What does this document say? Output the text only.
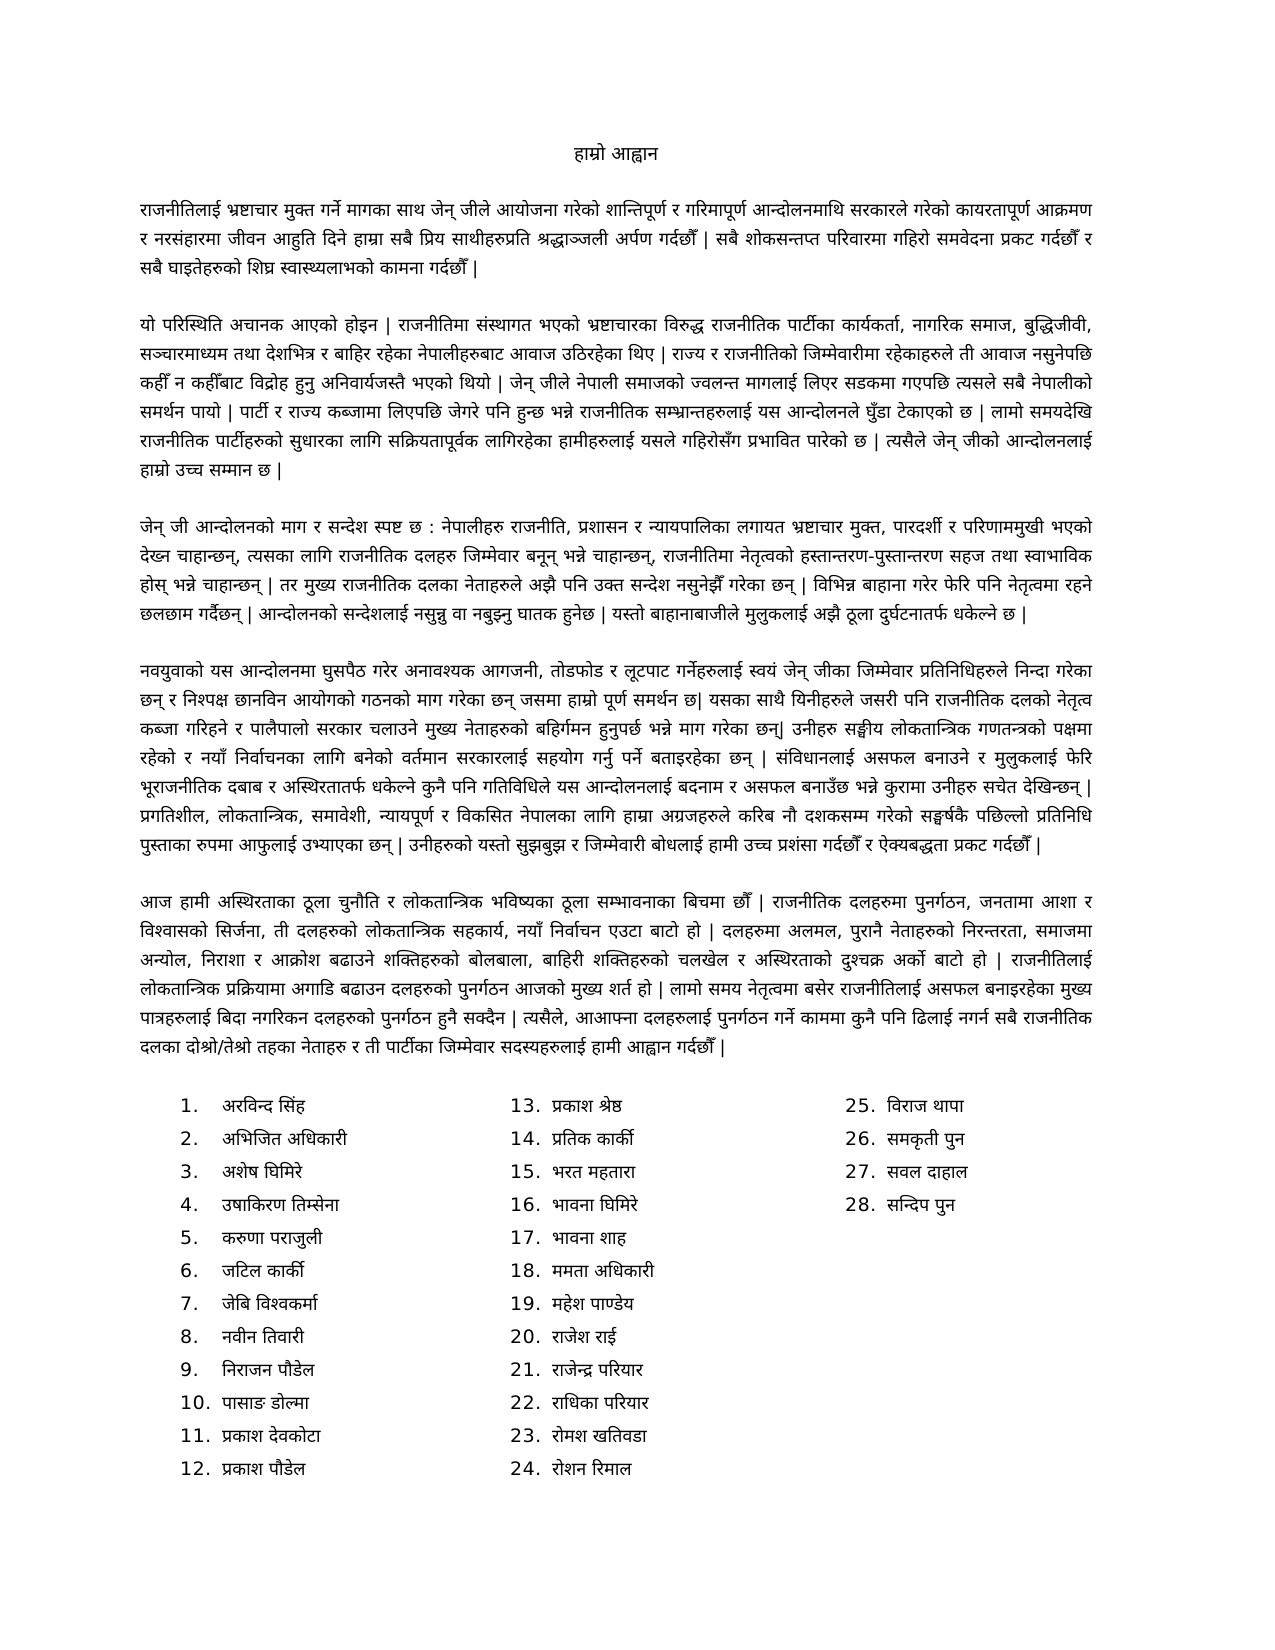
हाम्रो आह्वान

राजनीतिलाई भ्रष्टाचार मुक्त गर्ने मागका साथ जेन् जीले आयोजना गरेको शान्तिपूर्ण र गरिमापूर्ण आन्दोलनमाथि सरकारले गरेको कायरतापूर्ण आक्रमण र नरसंहारमा जीवन आहुति दिने हाम्रा सबै प्रिय साथीहरुप्रति श्रद्धाञ्जली अर्पण गर्दछौँ | सबै शोकसन्तप्त परिवारमा गहिरो समवेदना प्रकट गर्दछौँ र सबै घाइतेहरुको शिघ्र स्वास्थ्यलाभको कामना गर्दछौँ |

यो परिस्थिति अचानक आएको होइन | राजनीतिमा संस्थागत भएको भ्रष्टाचारका विरुद्ध राजनीतिक पार्टीका कार्यकर्ता, नागरिक समाज, बुद्धिजीवी, सञ्चारमाध्यम तथा देशभित्र र बाहिर रहेका नेपालीहरुबाट आवाज उठिरहेका थिए | राज्य र राजनीतिको जिम्मेवारीमा रहेकाहरुले ती आवाज नसुनेपछि कहीँ न कहीँबाट विद्रोह हुनु अनिवार्यजस्तै भएको थियो | जेन् जीले नेपाली समाजको ज्वलन्त मागलाई लिएर सडकमा गएपछि त्यसले सबै नेपालीको समर्थन पायो | पार्टी र राज्य कब्जामा लिएपछि जेगरे पनि हुन्छ भन्ने राजनीतिक सम्भ्रान्तहरुलाई यस आन्दोलनले घुँडा टेकाएको छ | लामो समयदेखि राजनीतिक पार्टीहरुको सुधारका लागि सक्रियतापूर्वक लागिरहेका हामीहरुलाई यसले गहिरोसँग प्रभावित पारेको छ | त्यसैले जेन् जीको आन्दोलनलाई हाम्रो उच्च सम्मान छ |

जेन् जी आन्दोलनको माग र सन्देश स्पष्ट छ : नेपालीहरु राजनीति, प्रशासन र न्यायपालिका लगायत भ्रष्टाचार मुक्त, पारदर्शी र परिणाममुखी भएको देख्न चाहान्छन्, त्यसका लागि राजनीतिक दलहरु जिम्मेवार बनून् भन्ने चाहान्छन्, राजनीतिमा नेतृत्वको हस्तान्तरण-पुस्तान्तरण सहज तथा स्वाभाविक होस् भन्ने चाहान्छन् | तर मुख्य राजनीतिक दलका नेताहरुले अझै पनि उक्त सन्देश नसुनेझैँ गरेका छन् | विभिन्न बाहाना गरेर फेरि पनि नेतृत्वमा रहने छलछाम गर्दैछन् | आन्दोलनको सन्देशलाई नसुन्नु वा नबुझ्नु घातक हुनेछ | यस्तो बाहानाबाजीले मुलुकलाई अझै ठूला दुर्घटनातर्फ धकेल्ने छ |

नवयुवाको यस आन्दोलनमा घुसपैठ गरेर अनावश्यक आगजनी, तोडफोड र लूटपाट गर्नेहरुलाई स्वयं जेन् जीका जिम्मेवार प्रतिनिधिहरुले निन्दा गरेका छन् र निश्पक्ष छानविन आयोगको गठनको माग गरेका छन् जसमा हाम्रो पूर्ण समर्थन छ| यसका साथै यिनीहरुले जसरी पनि राजनीतिक दलको नेतृत्व कब्जा गरिहने र पालैपालो सरकार चलाउने मुख्य नेताहरुको बहिर्गमन हुनुपर्छ भन्ने माग गरेका छन्| उनीहरु सङ्घीय लोकतान्त्रिक गणतन्त्रको पक्षमा रहेको र नयाँ निर्वाचनका लागि बनेको वर्तमान सरकारलाई सहयोग गर्नु पर्ने बताइरहेका छन् | संविधानलाई असफल बनाउने र मुलुकलाई फेरि भूराजनीतिक दबाब र अस्थिरतातर्फ धकेल्ने कुनै पनि गतिविधिले यस आन्दोलनलाई बदनाम र असफल बनाउँछ भन्ने कुरामा उनीहरु सचेत देखिन्छन् | प्रगतिशील, लोकतान्त्रिक, समावेशी, न्यायपूर्ण र विकसित नेपालका लागि हाम्रा अग्रजहरुले करिब नौ दशकसम्म गरेको सङ्घर्षकै पछिल्लो प्रतिनिधि पुस्ताका रुपमा आफुलाई उभ्याएका छन् | उनीहरुको यस्तो सुझबुझ र जिम्मेवारी बोधलाई हामी उच्च प्रशंसा गर्दछौँ र ऐक्यबद्धता प्रकट गर्दछौँ |

आज हामी अस्थिरताका ठूला चुनौति र लोकतान्त्रिक भविष्यका ठूला सम्भावनाका बिचमा छौँ | राजनीतिक दलहरुमा पुनर्गठन, जनतामा आशा र विश्वासको सिर्जना, ती दलहरुको लोकतान्त्रिक सहकार्य, नयाँ निर्वाचन एउटा बाटो हो | दलहरुमा अलमल, पुरानै नेताहरुको निरन्तरता, समाजमा अन्योल, निराशा र आक्रोश बढाउने शक्तिहरुको बोलबाला, बाहिरी शक्तिहरुको चलखेल र अस्थिरताको दुश्चक्र अर्को बाटो हो | राजनीतिलाई लोकतान्त्रिक प्रक्रियामा अगाडि बढाउन दलहरुको पुनर्गठन आजको मुख्य शर्त हो | लामो समय नेतृत्वमा बसेर राजनीतिलाई असफल बनाइरहेका मुख्य पात्रहरुलाई बिदा नगरिकन दलहरुको पुनर्गठन हुनै सक्दैन | त्यसैले, आआफ्ना दलहरुलाई पुनर्गठन गर्ने काममा कुनै पनि ढिलाई नगर्न सबै राजनीतिक दलका दोश्रो/तेश्रो तहका नेताहरु र ती पार्टीका जिम्मेवार सदस्यहरुलाई हामी आह्वान गर्दछौँ |

1.	अरविन्द सिंह
2.	अभिजित अधिकारी
3.	अशेष घिमिरे
4.	उषाकिरण तिम्सेना
5.	करुणा पराजुली
6.	जटिल कार्की
7.	जेबि विश्वकर्मा
8.	नवीन तिवारी
9.	निराजन पौडेल
10. पासाङ डोल्मा
11. प्रकाश देवकोटा
12. प्रकाश पौडेल
13. प्रकाश श्रेष्ठ
14. प्रतिक कार्की
15. भरत महतारा
16. भावना घिमिरे
17. भावना शाह
18. ममता अधिकारी
19. महेश पाण्डेय
20. राजेश राई
21. राजेन्द्र परियार
22. राधिका परियार
23. रोमश खतिवडा
24. रोशन रिमाल
25. विराज थापा
26. समकृती पुन
27. सवल दाहाल
28. सन्दिप पुन
